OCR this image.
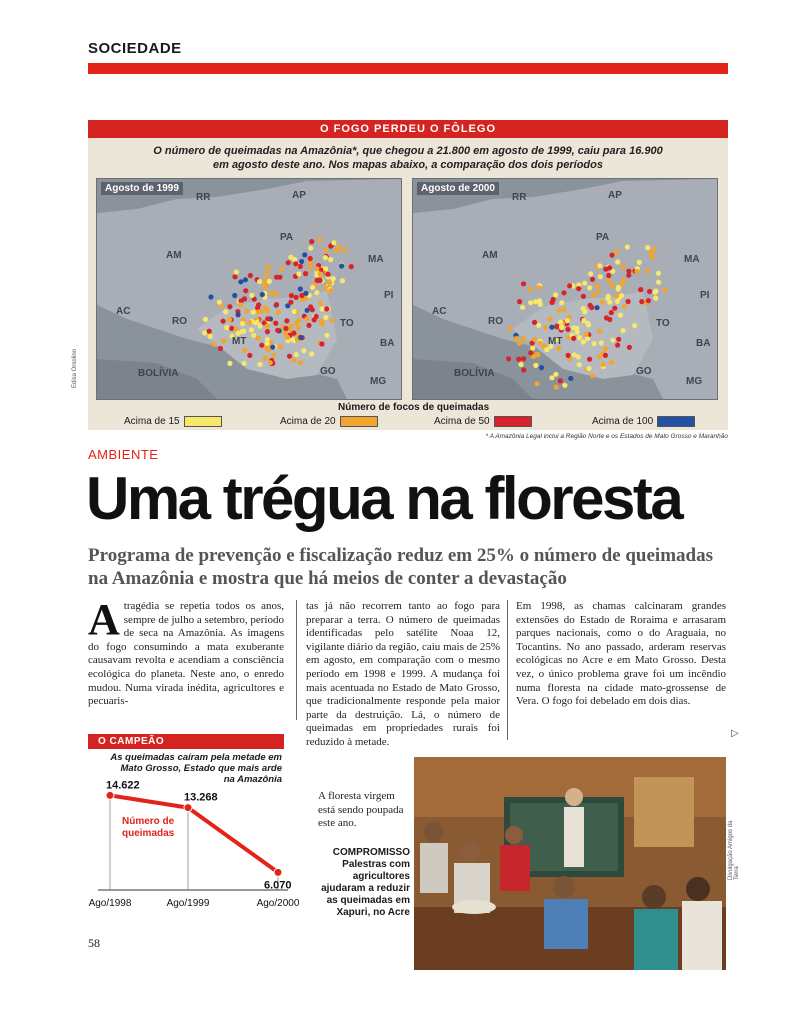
SOCIEDADE
O FOGO PERDEU O FÔLEGO
O número de queimadas na Amazônia*, que chegou a 21.800 em agosto de 1999, caiu para 16.900
em agosto deste ano. Nos mapas abaixo, a comparação dos dois períodos
Agosto de 1999	Agosto de 2000
Número de focos de queimadas
Acima de 15	Acima de 20	Acima de 50	Acima de 100
RR	AP
AM
PA
MA
PI
AC
RO	TO
BA
MT
GO
BOLÍVIA
MG
RR	AP
AM
PA
MA
PI
AC
RO	TO
BA
MT
GO
BOLÍVIA
MG
Edisa Orsolino
* A Amazônia Legal inclui a Região Norte e os Estados de Mato Grosso e Maranhão
AMBIENTE
Uma trégua na floresta
Programa de prevenção e fiscalização reduz em 25% o número de queimadas na Amazônia e mostra que há meios de conter a devastação
A tragédia se repetia todos os anos, sempre de julho a setembro, período de seca na Amazônia. As imagens do fogo consumindo a mata exuberante causavam revolta e acendiam a consciência ecológica do planeta. Neste ano, o enredo mudou. Numa virada inédita, agricultores e pecuaris-

tas já não recorrem tanto ao fogo para preparar a terra. O número de queimadas identificadas pelo satélite Noaa 12, vigilante diário da região, caiu mais de 25% em agosto, em comparação com o mesmo período em 1998 e 1999. A mudança foi mais acentuada no Estado de Mato Grosso, que tradicionalmente responde pela maior parte da destruição. Lá, o número de queimadas em propriedades rurais foi reduzido à metade.

A floresta virgem está sendo poupada este ano.

Em 1998, as chamas calcinaram grandes extensões do Estado de Roraima e arrasaram parques nacionais, como o do Araguaia, no Tocantins. No ano passado, arderam reservas ecológicas no Acre e em Mato Grosso. Desta vez, o único problema grave foi um incêndio numa floresta na cidade mato-grossense de Vera. O fogo foi debelado em dois dias.

▷
O CAMPEÃO
As queimadas caíram pela metade em Mato Grosso, Estado que mais arde na Amazônia
14.622
Ago/1998
13.268
Ago/1999
6.070
Ago/2000
Número de queimadas	Divulgação Amigos da Terra
COMPROMISSO
Palestras com agricultores ajudaram a reduzir as queimadas em Xapuri, no Acre
58
